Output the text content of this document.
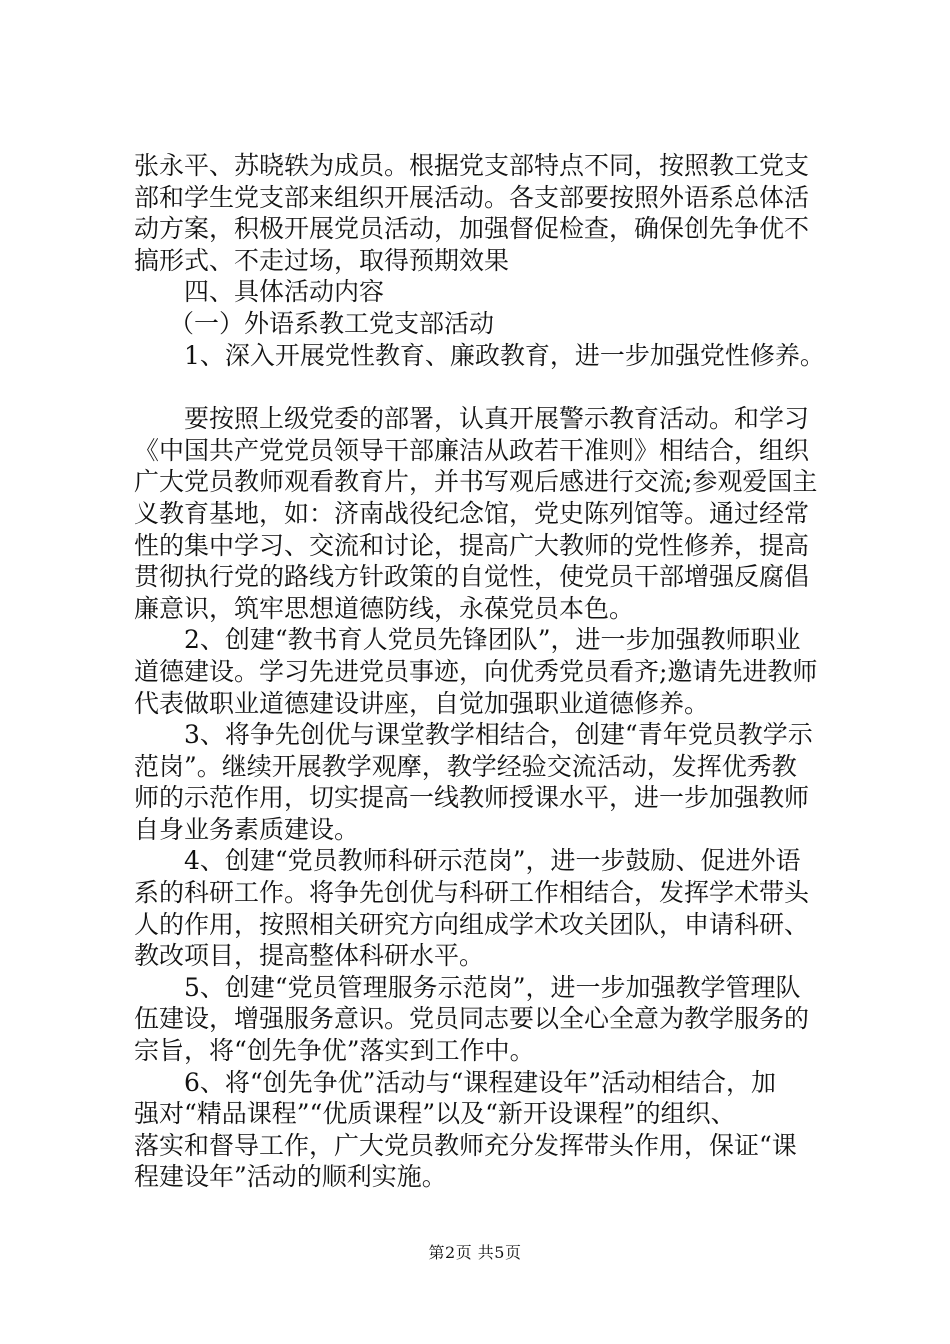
张永平、苏晓轶为成员。根据党支部特点不同，按照教工党支
部和学生党支部来组织开展活动。各支部要按照外语系总体活
动方案，积极开展党员活动，加强督促检查，确保创先争优不
搞形式、不走过场，取得预期效果
四、具体活动内容
（一）外语系教工党支部活动
1、深入开展党性教育、廉政教育，进一步加强党性修养。
要按照上级党委的部署，认真开展警示教育活动。和学习
《中国共产党党员领导干部廉洁从政若干准则》相结合，组织
广大党员教师观看教育片，并书写观后感进行交流;参观爱国主
义教育基地，如：济南战役纪念馆，党史陈列馆等。通过经常
性的集中学习、交流和讨论，提高广大教师的党性修养，提高
贯彻执行党的路线方针政策的自觉性，使党员干部增强反腐倡
廉意识，筑牢思想道德防线，永葆党员本色。
2、创建“教书育人党员先锋团队”，进一步加强教师职业
道德建设。学习先进党员事迹，向优秀党员看齐;邀请先进教师
代表做职业道德建设讲座，自觉加强职业道德修养。
3、将争先创优与课堂教学相结合，创建“青年党员教学示
范岗”。继续开展教学观摩，教学经验交流活动，发挥优秀教
师的示范作用，切实提高一线教师授课水平，进一步加强教师
自身业务素质建设。
4、创建“党员教师科研示范岗”，进一步鼓励、促进外语
系的科研工作。将争先创优与科研工作相结合，发挥学术带头
人的作用，按照相关研究方向组成学术攻关团队，申请科研、
教改项目，提高整体科研水平。
5、创建“党员管理服务示范岗”，进一步加强教学管理队
伍建设，增强服务意识。党员同志要以全心全意为教学服务的
宗旨，将“创先争优”落实到工作中。
6、将“创先争优”活动与“课程建设年”活动相结合，加
强对“精品课程”“优质课程”以及“新开设课程”的组织、
落实和督导工作，广大党员教师充分发挥带头作用，保证“课
程建设年”活动的顺利实施。
第2页 共5页
